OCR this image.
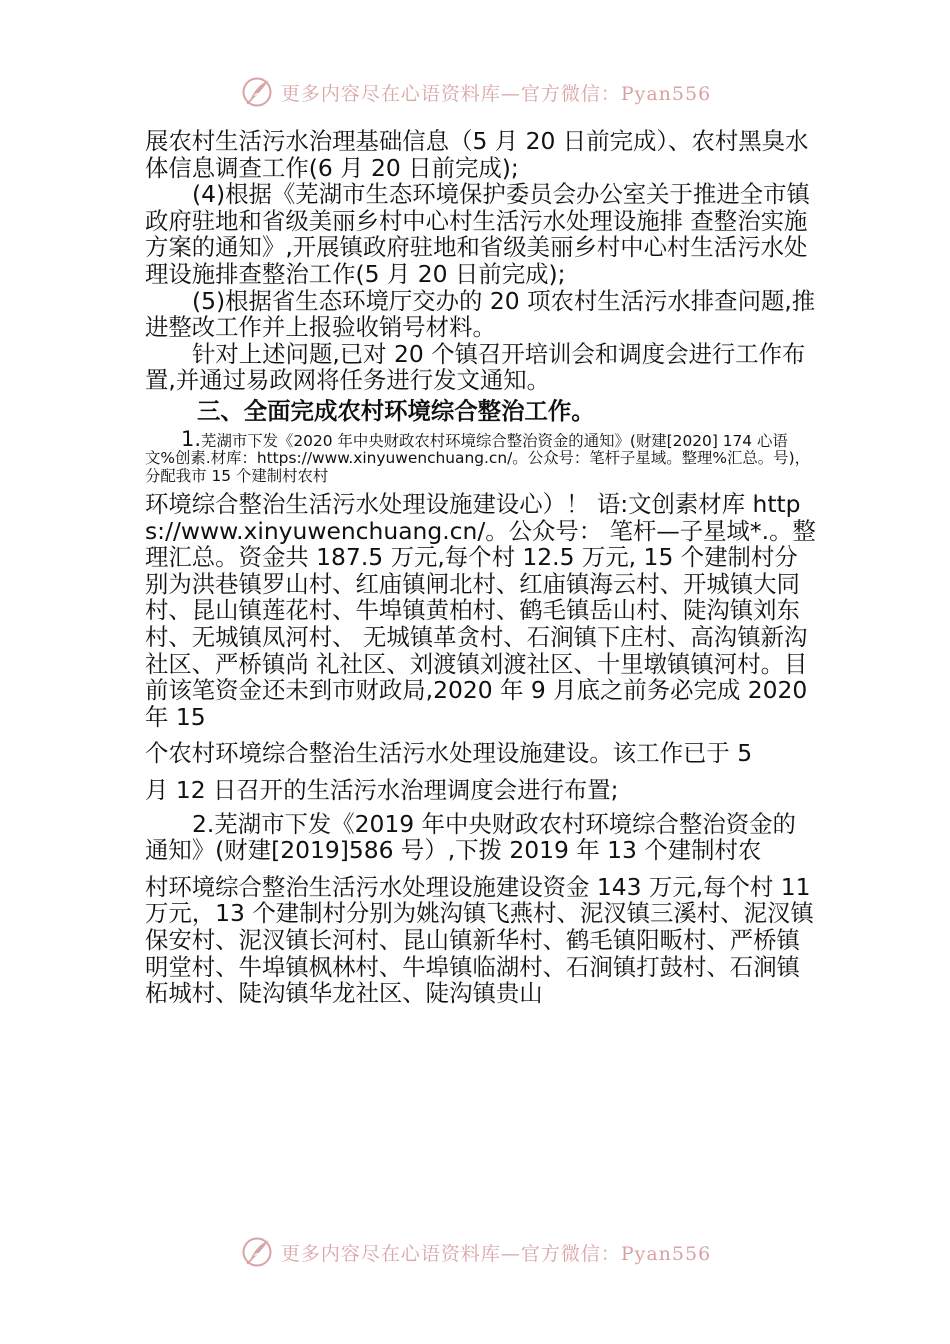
更多内容尽在心语资料库—官方微信：Pyan556

展农村生活污水治理基础信息（5 月 20 日前完成）、农村黑臭水体信息调查工作(6 月 20 日前完成);

(4)根据《芜湖市生态环境保护委员会办公室关于推进全市镇政府驻地和省级美丽乡村中心村生活污水处理设施排 查整治实施方案的通知》,开展镇政府驻地和省级美丽乡村中心村生活污水处理设施排查整治工作(5 月 20 日前完成);

(5)根据省生态环境厅交办的 20 项农村生活污水排查问题,推进整改工作并上报验收销号材料。

针对上述问题,已对 20 个镇召开培训会和调度会进行工作布置,并通过易政网将任务进行发文通知。

三、全面完成农村环境综合整治工作。

1.芜湖市下发《2020 年中央财政农村环境综合整治资金的通知》(财建[2020] 174 心语文%创素.材库：https://www.xinyuwenchuang.cn/。公众号：笔杆子星域。整理%汇总。号)，分配我市 15 个建制村农村

环境综合整治生活污水处理设施建设心）！ 语:文创素材库 https://www.xinyuwenchuang.cn/。公众号： 笔杆—子星域*.。整理汇总。资金共 187.5 万元,每个村 12.5 万元, 15 个建制村分别为洪巷镇罗山村、红庙镇闸北村、红庙镇海云村、开城镇大同村、昆山镇莲花村、牛埠镇黄柏村、鹤毛镇岳山村、陡沟镇刘东村、无城镇凤河村、 无城镇革贪村、石涧镇下庄村、高沟镇新沟社区、严桥镇尚 礼社区、刘渡镇刘渡社区、十里墩镇镇河村。目前该笔资金还未到市财政局,2020 年 9 月底之前务必完成 2020 年 15

个农村环境综合整治生活污水处理设施建设。该工作已于 5

月 12 日召开的生活污水治理调度会进行布置;

2.芜湖市下发《2019 年中央财政农村环境综合整治资金的通知》(财建[2019]586 号）,下拨 2019 年 13 个建制村农

村环境综合整治生活污水处理设施建设资金 143 万元,每个村 11 万元，13 个建制村分别为姚沟镇飞燕村、泥汊镇三溪村、泥汊镇保安村、泥汊镇长河村、昆山镇新华村、鹤毛镇阳畈村、严桥镇明堂村、牛埠镇枫林村、牛埠镇临湖村、石涧镇打鼓村、石涧镇柘城村、陡沟镇华龙社区、陡沟镇贵山

更多内容尽在心语资料库—官方微信：Pyan556
